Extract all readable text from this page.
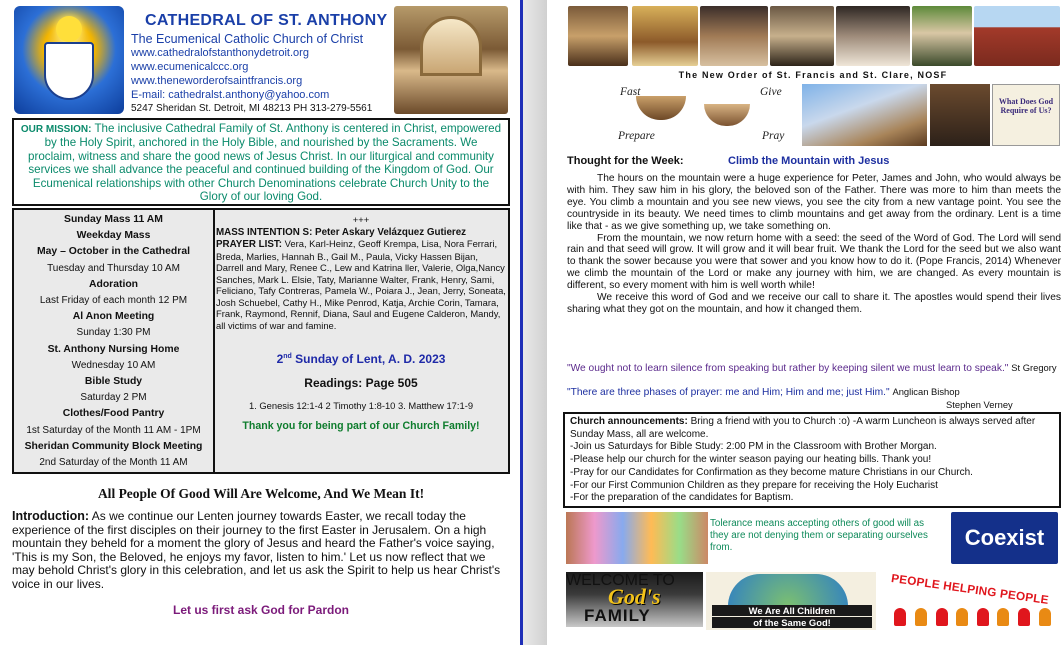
CATHEDRAL OF ST. ANTHONY
The Ecumenical Catholic Church of Christ
www.cathedralofstanthonydetroit.org
www.ecumenicalccc.org
www.theneworderofsaintfrancis.org
E-mail: cathedralst.anthony@yahoo.com
5247 Sheridan St. Detroit, MI 48213 PH 313-279-5561
OUR MISSION: The inclusive Cathedral Family of St. Anthony is centered in Christ, empowered by the Holy Spirit, anchored in the Holy Bible, and nourished by the Sacraments. We proclaim, witness and share the good news of Jesus Christ. In our liturgical and community services we shall advance the peaceful and continued building of the Kingdom of God. Our Ecumenical relationships with other Church Denominations celebrate Church Unity to the Glory of our loving God.
Sunday Mass 11 AM
Weekday Mass
May – October in the Cathedral
Tuesday and Thursday 10 AM
Adoration
Last Friday of each month 12 PM
Al Anon Meeting
Sunday 1:30 PM
St. Anthony Nursing Home
Wednesday 10 AM
Bible Study
Saturday 2 PM
Clothes/Food Pantry
1st Saturday of the Month 11 AM - 1PM
Sheridan Community Block Meeting
2nd Saturday of the Month 11 AM
+++
MASS INTENTION S: Peter Askary Velázquez Gutierez
PRAYER LIST: Vera, Karl-Heinz, Geoff Krempa, Lisa, Nora Ferrari, Breda, Marlies, Hannah B., Gail M., Paula, Vicky Hassen Bijan, Darrell and Mary, Renee C., Lew and Katrina ller, Valerie, Olga,Nancy Sanches, Mark L. Elsie, Taty, Marianne Walter, Frank, Henry, Sami, Feliciano, Tafy Contreras, Pamela W., Poiara J., Jean, Jerry, Soneata, Josh Schuebel, Cathy H., Mike Penrod, Katja, Archie Corin, Tamara, Frank, Raymond, Rennif, Diana, Saul and Eugene Calderon, Mandy, all victims of war and famine.
2nd Sunday of Lent, A. D. 2023
Readings: Page 505
1. Genesis 12:1-4 2 Timothy 1:8-10 3. Matthew 17:1-9
Thank you for being part of our Church Family!
All People Of Good Will Are Welcome, And We Mean It!
Introduction: As we continue our Lenten journey towards Easter, we recall today the experience of the first disciples on their journey to the first Easter in Jerusalem. On a high mountain they beheld for a moment the glory of Jesus and heard the Father's voice saying, 'This is my Son, the Beloved, he enjoys my favor, listen to him.' Let us now reflect that we may behold Christ's glory in this celebration, and let us ask the Spirit to help us hear Christ's voice in our lives.
Let us first ask God for Pardon
The New Order of St. Francis and St. Clare, NOSF
Fast	Give
Prepare	Pray
What Does God Require of Us?
Thought for the Week:	Climb the Mountain with Jesus

The hours on the mountain were a huge experience for Peter, James and John, who would always be with him. They saw him in his glory, the beloved son of the Father. There was more to him than meets the eye. You climb a mountain and you see new views, you see the city from a new vantage point. You see the countryside in its beauty. We need times to climb mountains and get away from the ordinary. Lent is a time like that - as we give something up, we take something on.

From the mountain, we now return home with a seed: the seed of the Word of God. The Lord will send rain and that seed will grow. It will grow and it will bear fruit. We thank the Lord for the seed but we also want to thank the sower because you were that sower and you know how to do it. (Pope Francis, 2014) Whenever we climb the mountain of the Lord or make any journey with him, we are changed. As every mountain is different, so every moment with him is well worth while!

We receive this word of God and we receive our call to share it. The apostles would spend their lives sharing what they got on the mountain, and how it changed them.

"We ought not to learn silence from speaking but rather by keeping silent we must learn to speak." St Gregory
"There are three phases of prayer: me and Him; Him and me; just Him." Anglican Bishop
Stephen Verney
Church announcements: Bring a friend with you to Church :o) -A warm Luncheon is always served after Sunday Mass, all are welcome.
-Join us Saturdays for Bible Study: 2:00 PM in the Classroom with Brother Morgan.
-Please help our church for the winter season paying our heating bills. Thank you!
-Pray for our Candidates for Confirmation as they become mature Christians in our Church.
-For our First Communion Children as they prepare for receiving the Holy Eucharist
-For the preparation of the candidates for Baptism.
Tolerance means accepting others of good will as they are not denying them or separating ourselves from.	Coexist
WELCOME TO
God's
FAMILY	We Are All Children
of the Same God!
PEOPLE HELPING PEOPLE
